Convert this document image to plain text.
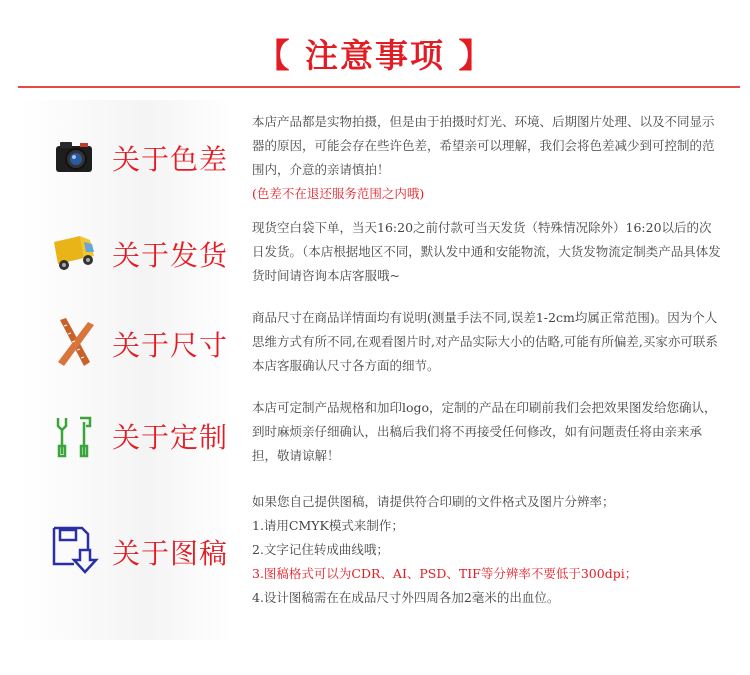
【 注意事项 】
关于色差

本店产品都是实物拍摄，但是由于拍摄时灯光、环境、后期图片处理、以及不同显示器的原因，可能会存在些许色差，希望亲可以理解，我们会将色差减少到可控制的范围内，介意的亲请慎拍！

(色差不在退还服务范围之内哦)

关于发货

现货空白袋下单，当天16:20之前付款可当天发货（特殊情况除外）16:20以后的次日发货。（本店根据地区不同，默认发中通和安能物流，大货发物流定制类产品具体发货时间请咨询本店客服哦~

关于尺寸

商品尺寸在商品详情面均有说明(测量手法不同,误差1-2cm均属正常范围)。因为个人思维方式有所不同,在观看图片时,对产品实际大小的估略,可能有所偏差,买家亦可联系本店客服确认尺寸各方面的细节。

关于定制

本店可定制产品规格和加印logo，定制的产品在印刷前我们会把效果图发给您确认，到时麻烦亲仔细确认，出稿后我们将不再接受任何修改，如有问题责任将由亲来承担，敬请谅解！

关于图稿

如果您自己提供图稿，请提供符合印刷的文件格式及图片分辨率；

1.请用CMYK模式来制作；

2.文字记住转成曲线哦；

3.图稿格式可以为CDR、AI、PSD、TIF等分辨率不要低于300dpi；

4.设计图稿需在在成品尺寸外四周各加2毫米的出血位。
